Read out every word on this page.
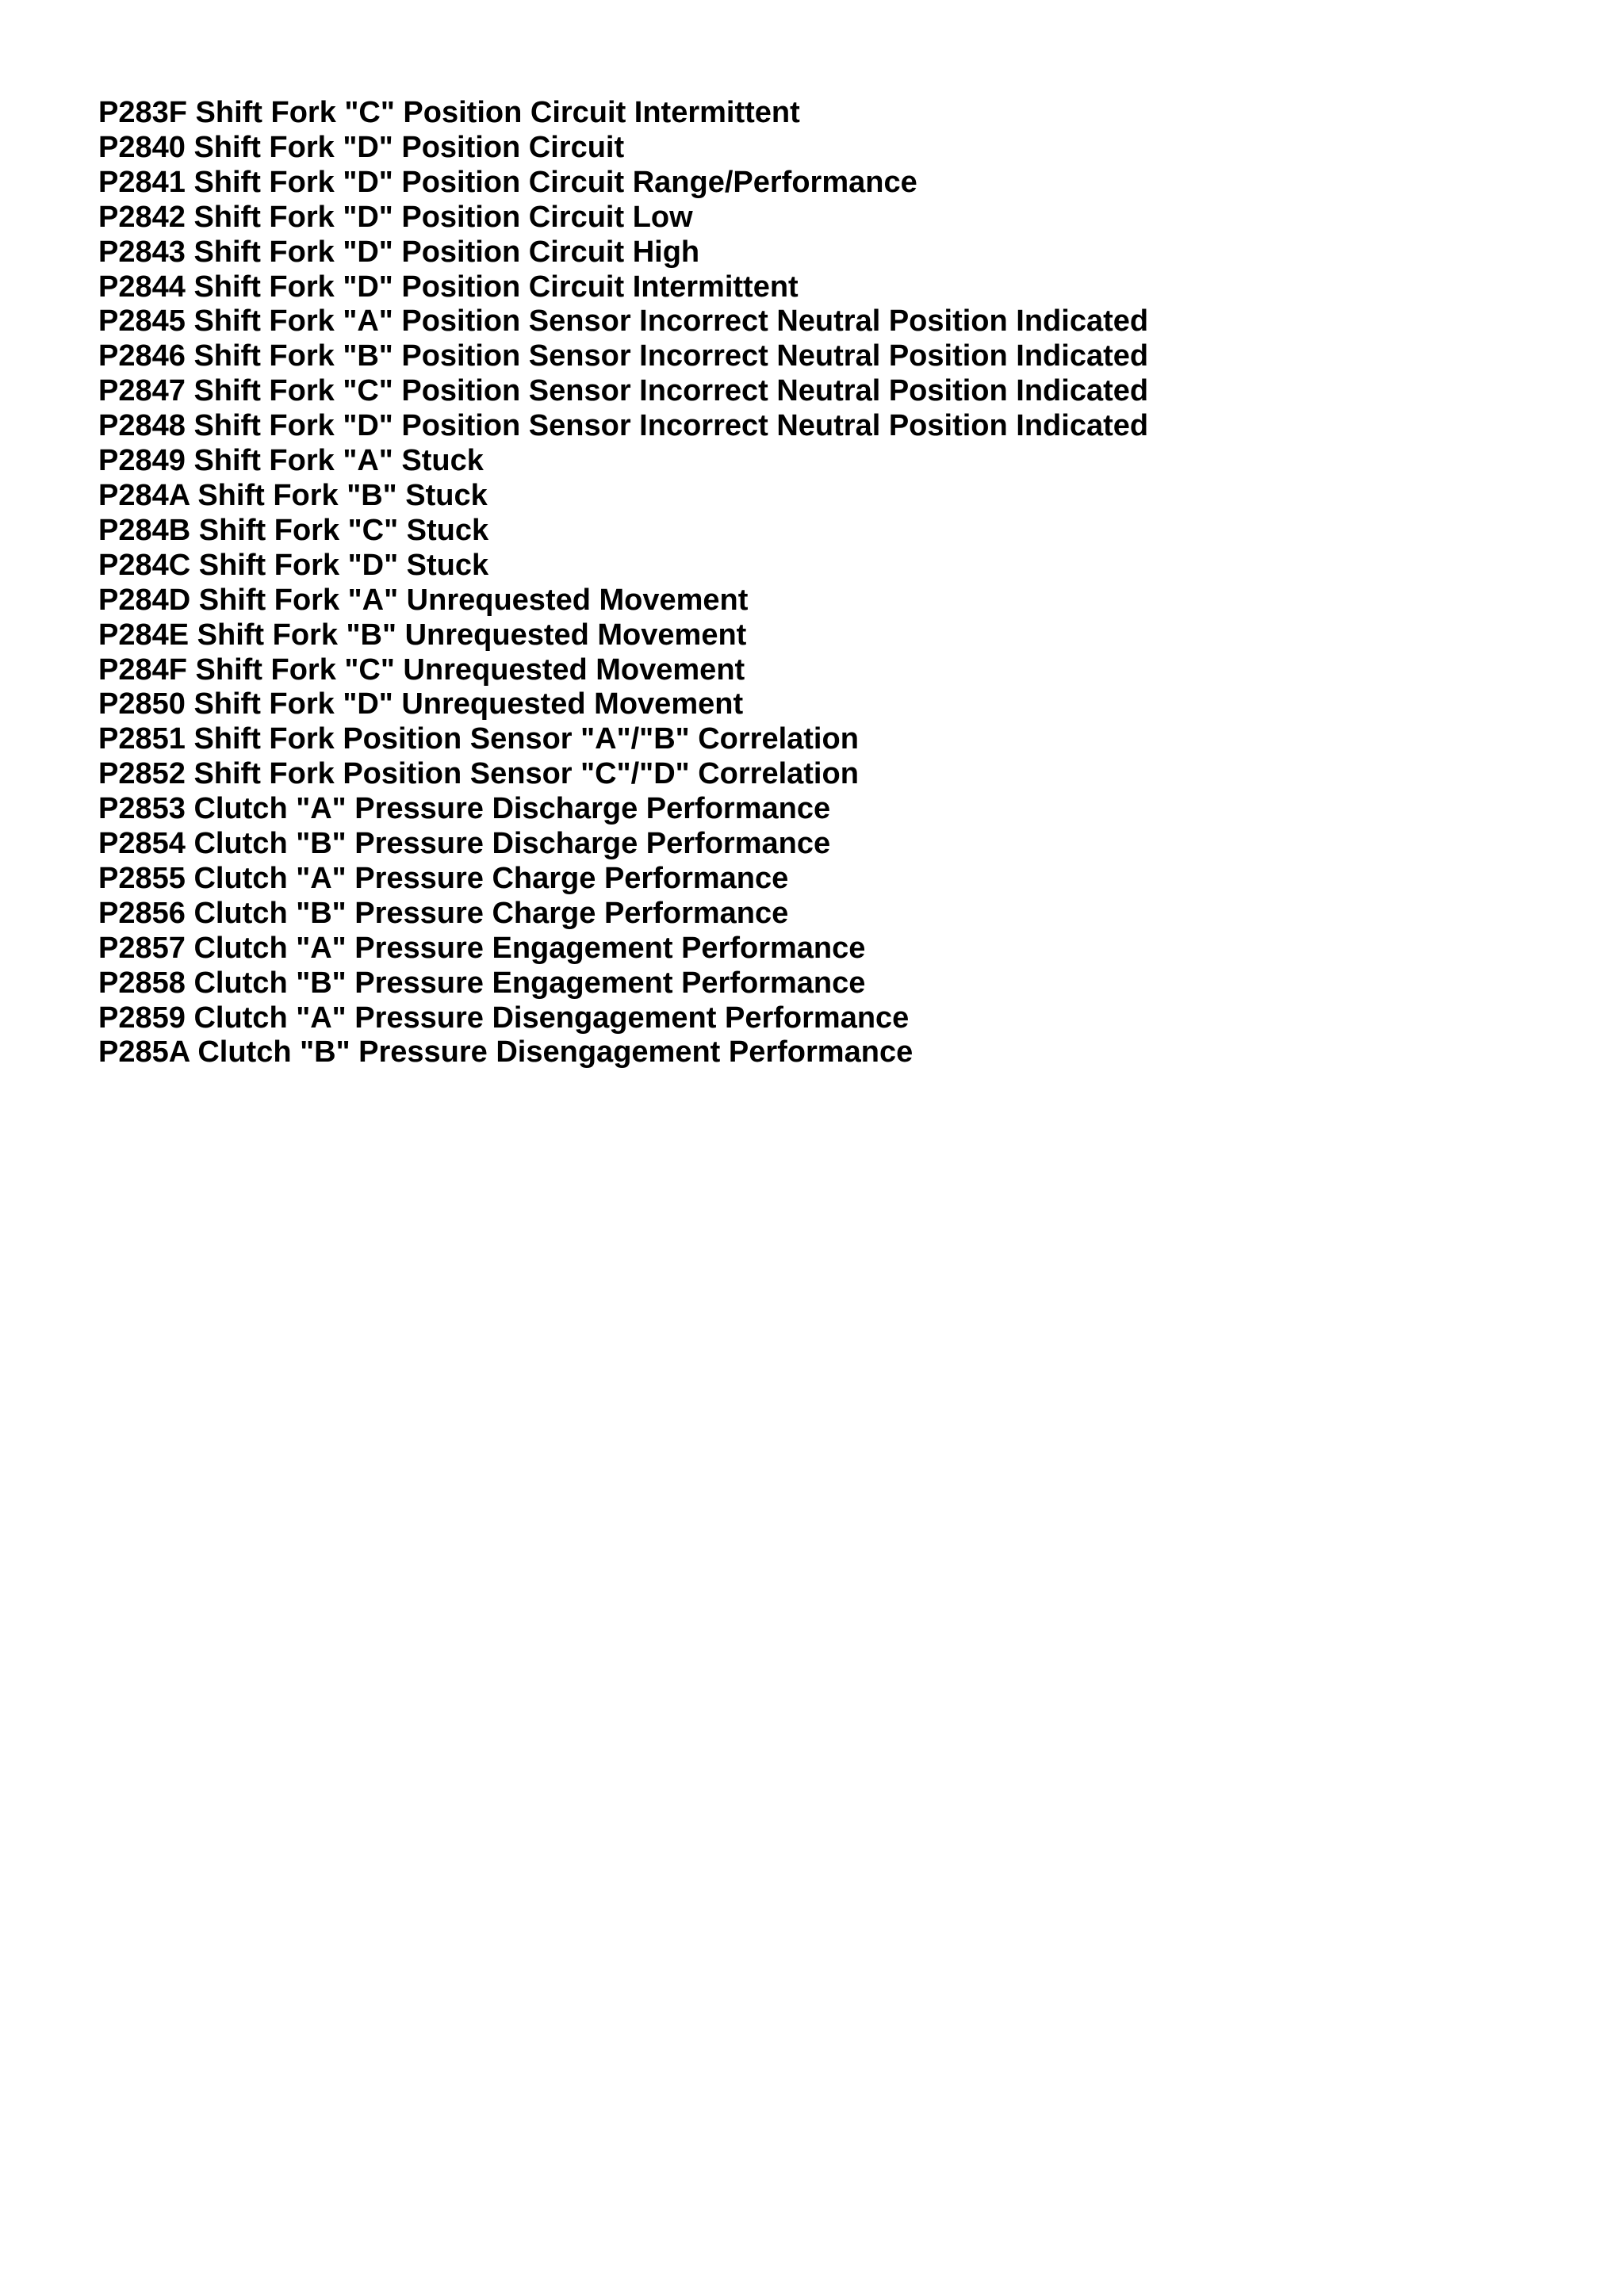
P283F Shift Fork "C" Position Circuit Intermittent
P2840 Shift Fork "D" Position Circuit
P2841 Shift Fork "D" Position Circuit Range/Performance
P2842 Shift Fork "D" Position Circuit Low
P2843 Shift Fork "D" Position Circuit High
P2844 Shift Fork "D" Position Circuit Intermittent
P2845 Shift Fork "A" Position Sensor Incorrect Neutral Position Indicated
P2846 Shift Fork "B" Position Sensor Incorrect Neutral Position Indicated
P2847 Shift Fork "C" Position Sensor Incorrect Neutral Position Indicated
P2848 Shift Fork "D" Position Sensor Incorrect Neutral Position Indicated
P2849 Shift Fork "A" Stuck
P284A Shift Fork "B" Stuck
P284B Shift Fork "C" Stuck
P284C Shift Fork "D" Stuck
P284D Shift Fork "A" Unrequested Movement
P284E Shift Fork "B" Unrequested Movement
P284F Shift Fork "C" Unrequested Movement
P2850 Shift Fork "D" Unrequested Movement
P2851 Shift Fork Position Sensor "A"/"B" Correlation
P2852 Shift Fork Position Sensor "C"/"D" Correlation
P2853 Clutch "A" Pressure Discharge Performance
P2854 Clutch "B" Pressure Discharge Performance
P2855 Clutch "A" Pressure Charge Performance
P2856 Clutch "B" Pressure Charge Performance
P2857 Clutch "A" Pressure Engagement Performance
P2858 Clutch "B" Pressure Engagement Performance
P2859 Clutch "A" Pressure Disengagement Performance
P285A Clutch "B" Pressure Disengagement Performance
